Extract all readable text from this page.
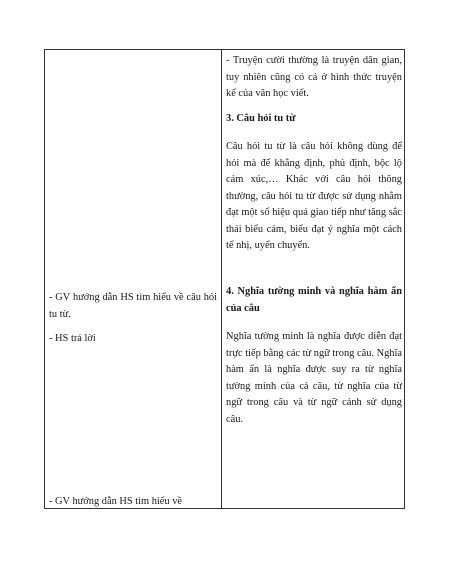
- GV hướng dẫn HS tìm hiểu về câu hỏi tu từ.

- HS trả lời

- GV hướng dẫn HS tìm hiểu về

- Truyện cười thường là truyện dân gian, tuy nhiên cũng có cả ở hình thức truyện kể của văn học viết.

3. Câu hỏi tu từ

Câu hỏi tu từ là câu hỏi không dùng để hỏi mà để khẳng định, phủ định, bộc lộ cảm xúc,… Khác với câu hỏi thông thường, câu hỏi tu từ được sử dụng nhằm đạt một số hiệu quả giao tiếp như tăng sắc thái biểu cảm, biểu đạt ý nghĩa một cách tế nhị, uyển chuyển.

4. Nghĩa tường minh và nghĩa hàm ẩn của câu

Nghĩa tường minh là nghĩa được diễn đạt trực tiếp bằng các từ ngữ trong câu. Nghĩa hàm ẩn là nghĩa được suy ra từ nghĩa tường minh của cả câu, từ nghĩa của từ ngữ trong câu và từ ngữ cảnh sử dụng câu.
